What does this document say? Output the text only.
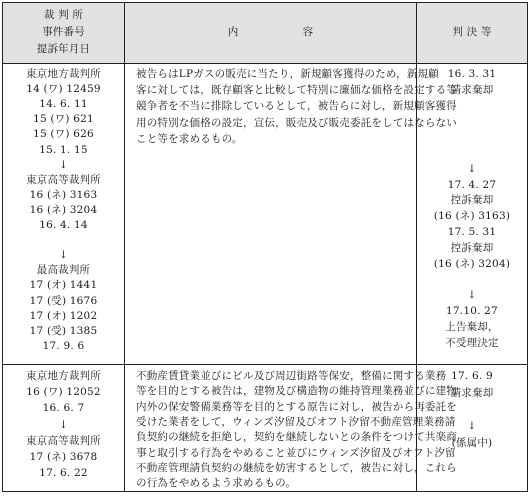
裁 判 所
事件番号
提訴年月日
内　　　　　　容	判 決 等
東京地方裁判所
14 (ワ) 12459
14. 6. 11
15 (ワ) 621
15 (ワ) 626
15. 1. 15
↓
東京高等裁判所
16 (ネ) 3163
16 (ネ) 3204
16. 4. 14
↓
最高裁判所
17 (オ) 1441
17 (受) 1676
17 (オ) 1202
17 (受) 1385
17. 9. 6
被告らはLPガスの販売に当たり，新規顧客獲得のため，新規顧
客に対しては，既存顧客と比較して特別に廉価な価格を設定する等
競争者を不当に排除しているとして，被告らに対し，新規顧客獲得
用の特別な価格の設定，宣伝，販売及び販売委託をしてはならない
こと等を求めるもの。
16. 3. 31
請求棄却
↓
17. 4. 27
控訴棄却
(16 (ネ) 3163)
17. 5. 31
控訴棄却
(16 (ネ) 3204)
↓
17.10. 27
上告棄却，
不受理決定
東京地方裁判所
16 (ワ) 12052
16. 6. 7
↓
東京高等裁判所
17 (ネ) 3678
17. 6. 22
不動産賃貸業並びにビル及び周辺街路等保安，整備に関する業務
等を目的とする被告は，建物及び構造物の維持管理業務並びに建物
内外の保安警備業務等を目的とする原告に対し，被告から再委託を
受けた業者をして，ウィンズ汐留及びオフト汐留不動産管理業務請
負契約の継続を拒絶し，契約を継続しないとの条件をつけて共楽商
事と取引する行為をやめること並びにウィンズ汐留及びオフト汐留
不動産管理請負契約の継続を妨害するとして，被告に対し，これら
の行為をやめるよう求めるもの。
17. 6. 9
請求棄却
↓
(係属中)
